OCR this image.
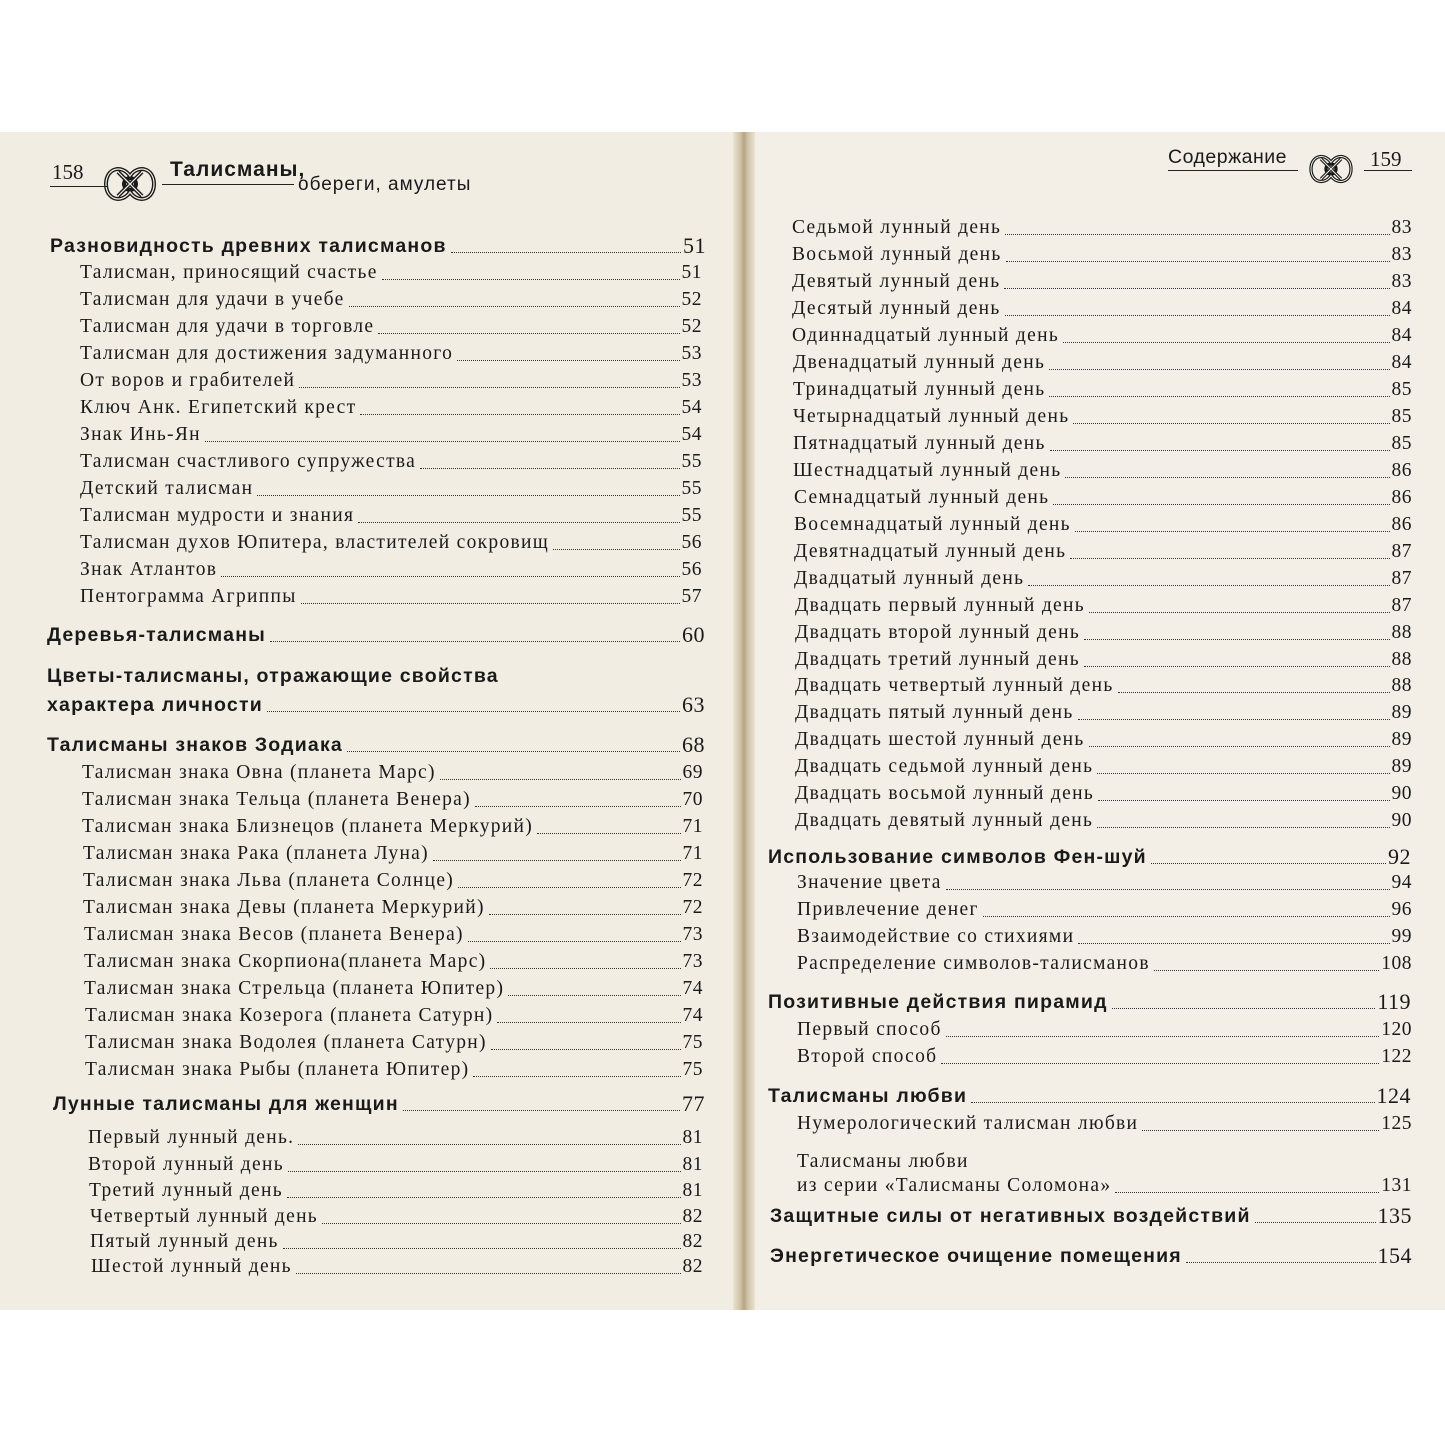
158	Талисманы,
обереги, амулеты
Содержание	159
Разновидность древних талисманов	51
Талисман, приносящий счастье	51
Талисман для удачи в учебе	52
Талисман для удачи в торговле	52
Талисман для достижения задуманного	53
От воров и грабителей	53
Ключ Анк. Египетский крест	54
Знак Инь-Ян	54
Талисман счастливого супружества	55
Детский талисман	55
Талисман мудрости и знания	55
Талисман духов Юпитера, властителей сокровищ	56
Знак Атлантов	56
Пентограмма Агриппы	57
Деревья-талисманы	60
Цветы-талисманы, отражающие свойства
характера личности	63
Талисманы знаков Зодиака	68
Талисман знака Овна (планета Марс)	69
Талисман знака Тельца (планета Венера)	70
Талисман знака Близнецов (планета Меркурий)	71
Талисман знака Рака (планета Луна)	71
Талисман знака Льва (планета Солнце)	72
Талисман знака Девы (планета Меркурий)	72
Талисман знака Весов (планета Венера)	73
Талисман знака Скорпиона(планета Марс)	73
Талисман знака Стрельца (планета Юпитер)	74
Талисман знака Козерога (планета Сатурн)	74
Талисман знака Водолея (планета Сатурн)	75
Талисман знака Рыбы (планета Юпитер)	75
Лунные талисманы для женщин	77
Первый лунный день.	81
Второй лунный день	81
Третий лунный день	81
Четвертый лунный день	82
Пятый лунный день	82
Шестой лунный день	82
Седьмой лунный день	83
Восьмой лунный день	83
Девятый лунный день	83
Десятый лунный день	84
Одиннадцатый лунный день	84
Двенадцатый лунный день	84
Тринадцатый лунный день	85
Четырнадцатый лунный день	85
Пятнадцатый лунный день	85
Шестнадцатый лунный день	86
Семнадцатый лунный день	86
Восемнадцатый лунный день	86
Девятнадцатый лунный день	87
Двадцатый лунный день	87
Двадцать первый лунный день	87
Двадцать второй лунный день	88
Двадцать третий лунный день	88
Двадцать четвертый лунный день	88
Двадцать пятый лунный день	89
Двадцать шестой лунный день	89
Двадцать седьмой лунный день	89
Двадцать восьмой лунный день	90
Двадцать девятый лунный день	90
Использование символов Фен-шуй	92
Значение цвета	94
Привлечение денег	96
Взаимодействие со стихиями	99
Распределение символов-талисманов	108
Позитивные действия пирамид	119
Первый способ	120
Второй способ	122
Талисманы любви	124
Нумерологический талисман любви	125
Талисманы любви
из серии «Талисманы Соломона»	131
Защитные силы от негативных воздействий	135
Энергетическое очищение помещения	154
